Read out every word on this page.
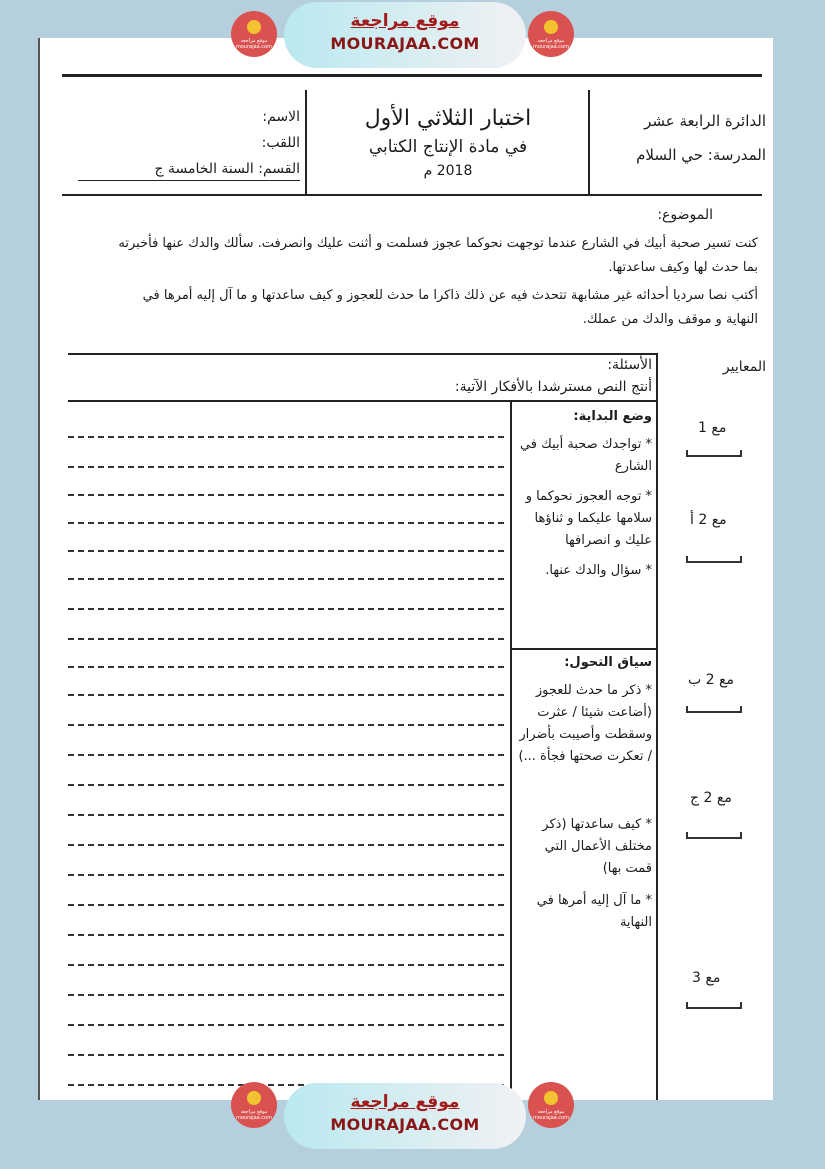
موقع مراجعة mourajaa.com
موقع مراجعة
MOURAJAA.COM	موقع مراجعة mourajaa.com
الاسم:
اللقب:
القسم: السنة الخامسة ج
اختبار الثلاثي الأول
في مادة الإنتاج الكتابي
2018 م
الدائرة الرابعة عشر
المدرسة: حي السلام
الموضوع:
كنت تسير صحبة أبيك في الشارع عندما توجهت نحوكما عجوز فسلمت و أثنت عليك وانصرفت. سألك والدك عنها فأخبرته بما حدث لها وكيف ساعدتها.
أكتب نصا سرديا أحداثه غير مشابهة تتحدث فيه عن ذلك ذاكرا ما حدث للعجوز و كيف ساعدتها و ما آل إليه أمرها في النهاية و موقف والدك من عملك.
الأسئلة:
أنتج النص مسترشدا بالأفكار الآتية:
المعايير
وضع البداية:
* تواجدك صحبة أبيك في الشارع
* توجه العجوز نحوكما و سلامها عليكما و ثناؤها عليك و انصرافها
* سؤال والدك عنها.
سياق التحول:
* ذكر ما حدث للعجوز (أضاعت شيئا / عثرت وسقطت وأصيبت بأضرار / تعكرت صحتها فجأة ...)
* كيف ساعدتها (ذكر مختلف الأعمال التي قمت بها)
* ما آل إليه أمرها في النهاية
مع 1
مع 2 أ
مع 2 ب
مع 2 ج
مع 3
موقع مراجعة mourajaa.com
موقع مراجعة
MOURAJAA.COM
موقع مراجعة mourajaa.com
